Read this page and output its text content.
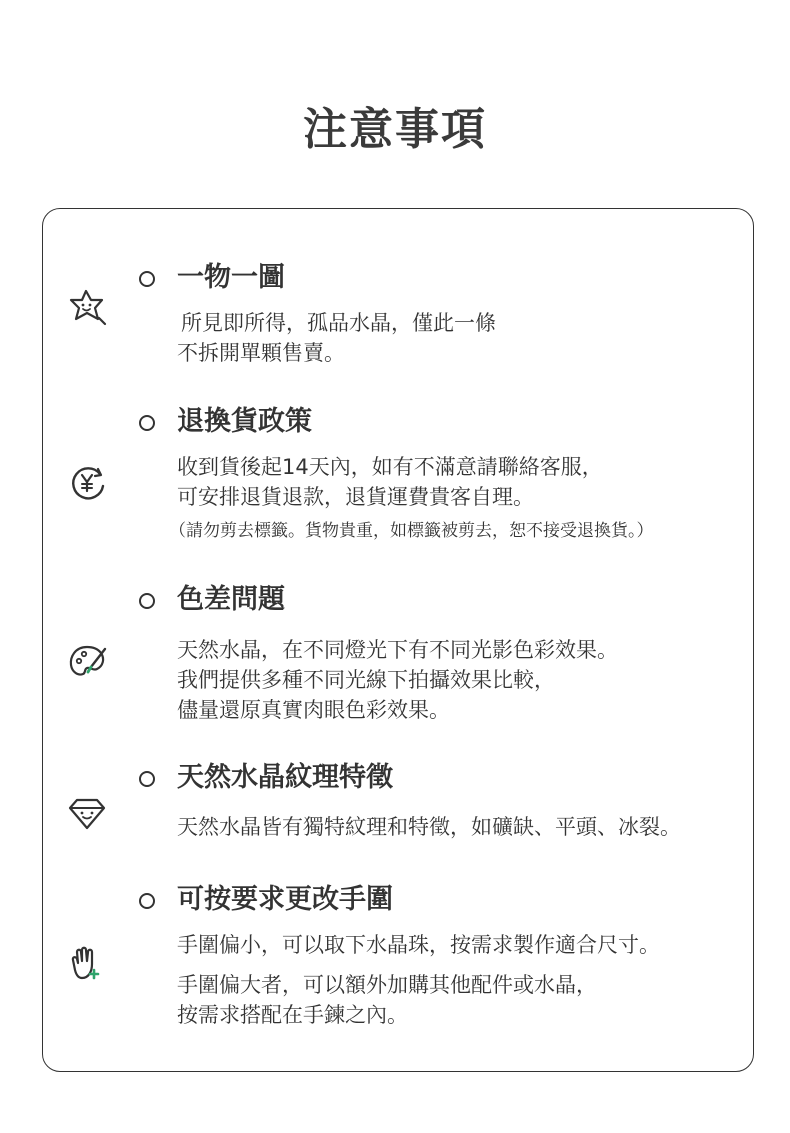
注意事項
一物一圖
所見即所得，孤品水晶，僅此一條
不拆開單顆售賣。
退換貨政策
收到貨後起14天內，如有不滿意請聯絡客服，
可安排退貨退款，退貨運費貴客自理。
（請勿剪去標籤。貨物貴重，如標籤被剪去，恕不接受退換貨。）
色差問題
天然水晶，在不同燈光下有不同光影色彩效果。
我們提供多種不同光線下拍攝效果比較，
儘量還原真實肉眼色彩效果。
天然水晶紋理特徵
天然水晶皆有獨特紋理和特徵，如礦缺、平頭、冰裂。
可按要求更改手圍
手圍偏小，可以取下水晶珠，按需求製作適合尺寸。
手圍偏大者，可以額外加購其他配件或水晶，
按需求搭配在手鍊之內。
